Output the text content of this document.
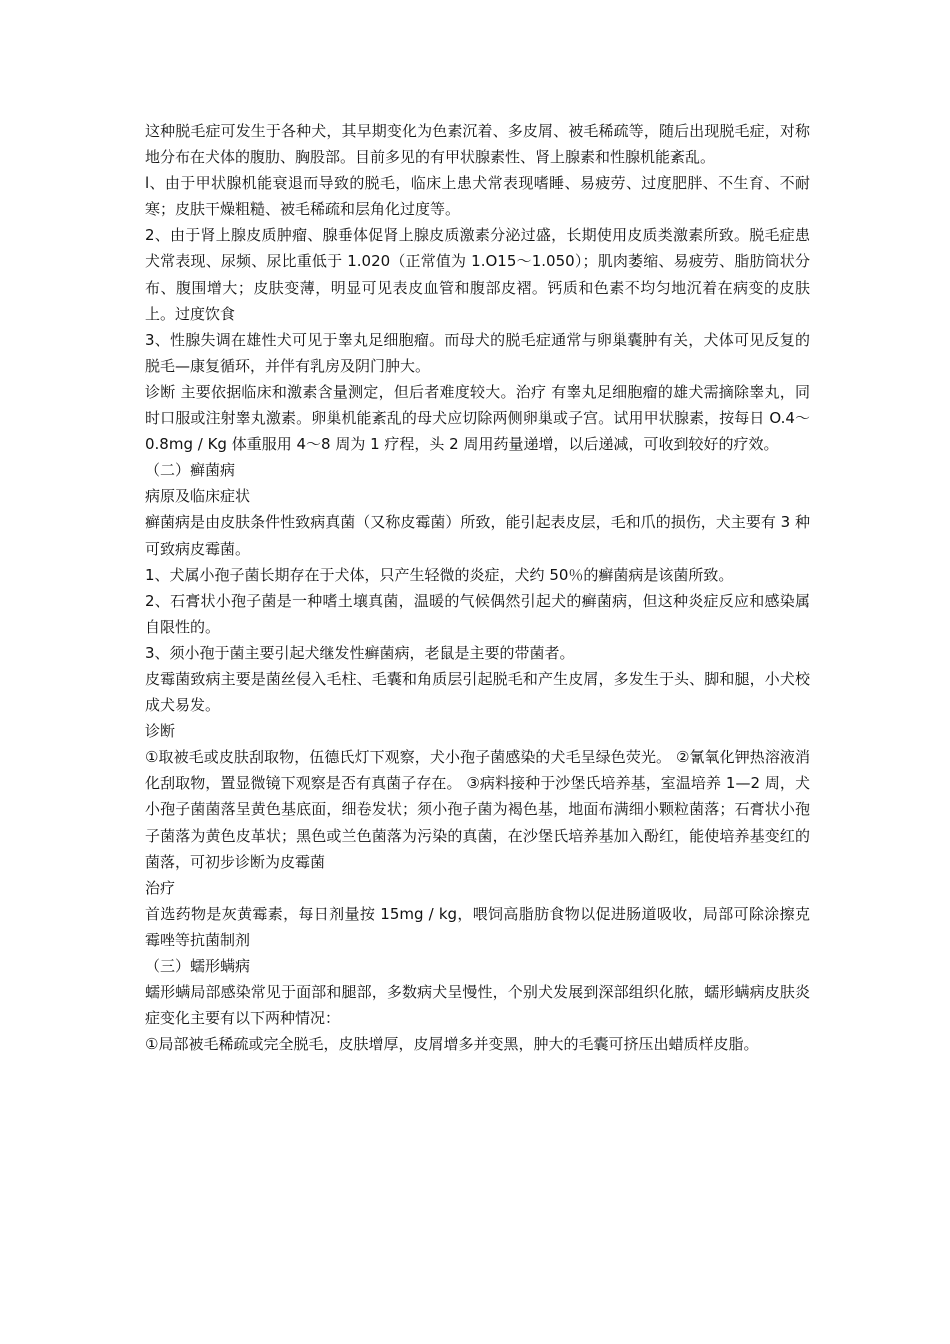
这种脱毛症可发生于各种犬，其早期变化为色素沉着、多皮屑、被毛稀疏等，随后出现脱毛症，对称地分布在犬体的腹肋、胸股部。目前多见的有甲状腺素性、肾上腺素和性腺机能紊乱。

l、由于甲状腺机能衰退而导致的脱毛，临床上患犬常表现嗜睡、易疲劳、过度肥胖、不生育、不耐寒；皮肤干燥粗糙、被毛稀疏和层角化过度等。

2、由于肾上腺皮质肿瘤、腺垂体促肾上腺皮质激素分泌过盛，长期使用皮质类激素所致。脱毛症患犬常表现、尿频、尿比重低于 1.020（正常值为 1.O15～1.050）；肌肉萎缩、易疲劳、脂肪筒状分布、腹围增大；皮肤变薄，明显可见表皮血管和腹部皮褶。钙质和色素不均匀地沉着在病变的皮肤上。过度饮食

3、性腺失调在雄性犬可见于睾丸足细胞瘤。而母犬的脱毛症通常与卵巢囊肿有关，犬体可见反复的脱毛—康复循环，并伴有乳房及阴门肿大。

诊断 主要依据临床和激素含量测定，但后者难度较大。治疗 有睾丸足细胞瘤的雄犬需摘除睾丸，同时口服或注射睾丸激素。卵巢机能紊乱的母犬应切除两侧卵巢或子宫。试用甲状腺素，按每日 O.4～0.8mg / Kg 体重服用 4～8 周为 1 疗程，头 2 周用药量递增，以后递减，可收到较好的疗效。

（二）癣菌病

病原及临床症状

癣菌病是由皮肤条件性致病真菌（又称皮霉菌）所致，能引起表皮层，毛和爪的损伤，犬主要有 3 种可致病皮霉菌。

1、犬属小孢子菌长期存在于犬体，只产生轻微的炎症，犬约 50％的癣菌病是该菌所致。

2、石膏状小孢子菌是一种嗜土壤真菌，温暖的气候偶然引起犬的癣菌病，但这种炎症反应和感染属自限性的。

3、须小孢于菌主要引起犬继发性癣菌病，老鼠是主要的带菌者。

皮霉菌致病主要是菌丝侵入毛柱、毛囊和角质层引起脱毛和产生皮屑，多发生于头、脚和腿，小犬校成犬易发。

诊断

①取被毛或皮肤刮取物，伍德氏灯下观察，犬小孢子菌感染的犬毛呈绿色荧光。 ②氰氧化钾热溶液消化刮取物，置显微镜下观察是否有真菌子存在。 ③病料接种于沙堡氏培养基，室温培养 1—2 周，犬小孢子菌菌落呈黄色基底面，细卷发状；须小孢子菌为褐色基，地面布满细小颗粒菌落；石膏状小孢子菌落为黄色皮革状；黑色或兰色菌落为污染的真菌，在沙堡氏培养基加入酚红，能使培养基变红的菌落，可初步诊断为皮霉菌

治疗

首选药物是灰黄霉素，每日剂量按 15mg / kg，喂饲高脂肪食物以促进肠道吸收，局部可除涂擦克霉唑等抗菌制剂

（三）蠕形螨病

蠕形螨局部感染常见于面部和腿部，多数病犬呈慢性，个别犬发展到深部组织化脓，蠕形螨病皮肤炎症变化主要有以下两种情况：

①局部被毛稀疏或完全脱毛，皮肤增厚，皮屑增多并变黑，肿大的毛囊可挤压出蜡质样皮脂。
